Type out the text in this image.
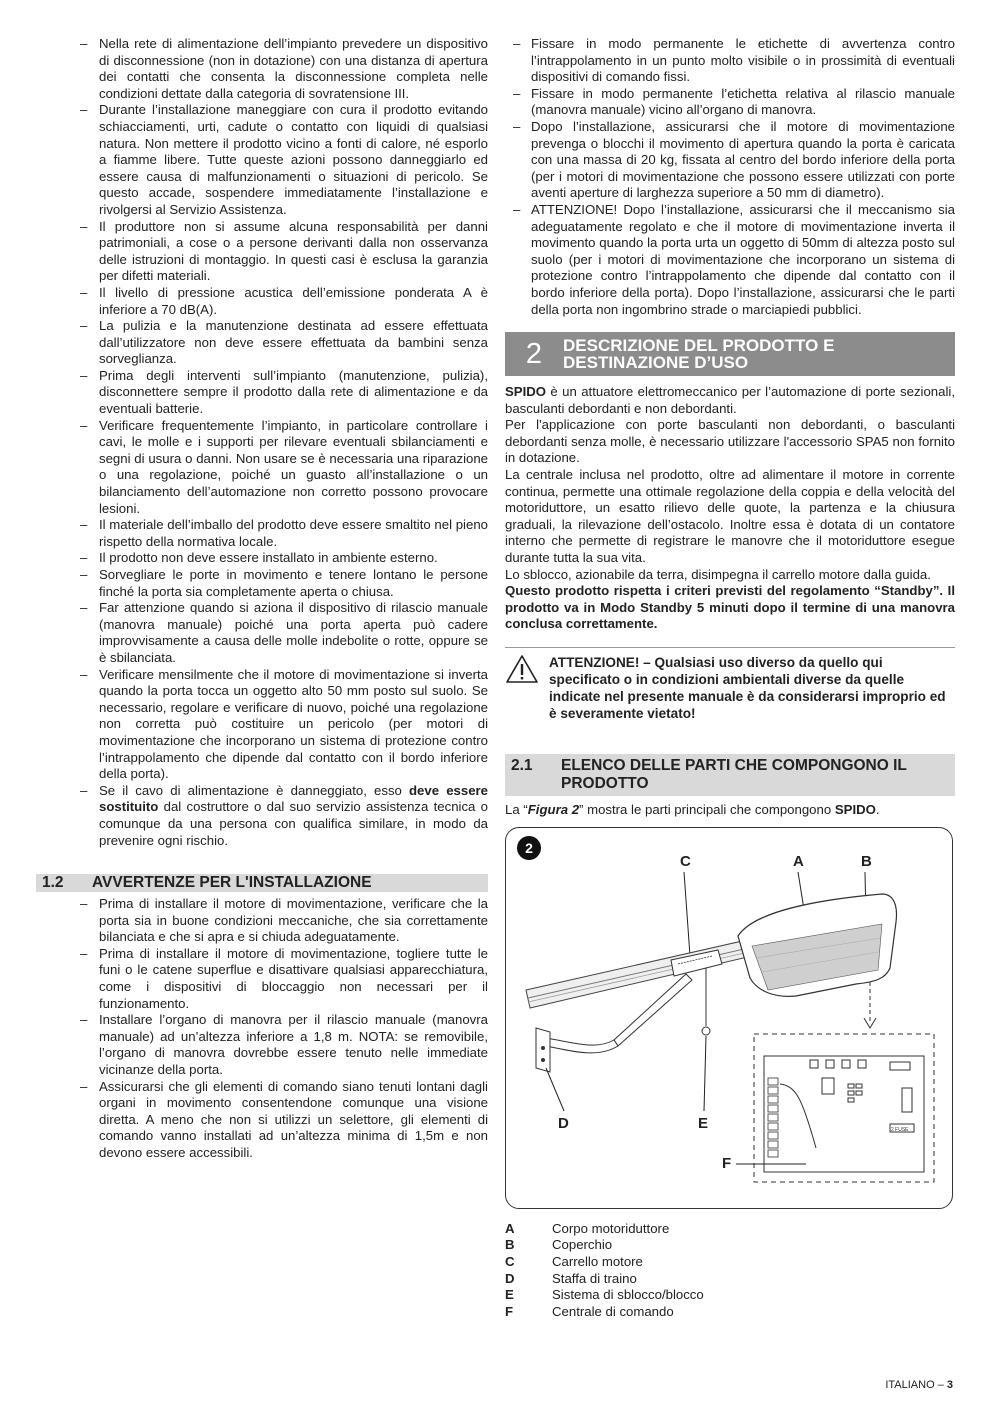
– Nella rete di alimentazione dell’impianto prevedere un dispositivo di disconnessione (non in dotazione) con una distanza di apertura dei contatti che consenta la disconnessione completa nelle condizioni dettate dalla categoria di sovratensione III.
– Durante l’installazione maneggiare con cura il prodotto evitando schiacciamenti, urti, cadute o contatto con liquidi di qualsiasi natura. Non mettere il prodotto vicino a fonti di calore, né esporlo a fiamme libere. Tutte queste azioni possono danneggiarlo ed essere causa di malfunzionamenti o situazioni di pericolo. Se questo accade, sospendere immediatamente l’installazione e rivolgersi al Servizio Assistenza.
– Il produttore non si assume alcuna responsabilità per danni patrimoniali, a cose o a persone derivanti dalla non osservanza delle istruzioni di montaggio. In questi casi è esclusa la garanzia per difetti materiali.
– Il livello di pressione acustica dell’emissione ponderata A è inferiore a 70 dB(A).
– La pulizia e la manutenzione destinata ad essere effettuata dall’utilizzatore non deve essere effettuata da bambini senza sorveglianza.
– Prima degli interventi sull’impianto (manutenzione, pulizia), disconnettere sempre il prodotto dalla rete di alimentazione e da eventuali batterie.
– Verificare frequentemente l’impianto, in particolare controllare i cavi, le molle e i supporti per rilevare eventuali sbilanciamenti e segni di usura o danni. Non usare se è necessaria una riparazione o una regolazione, poiché un guasto all’installazione o un bilanciamento dell’automazione non corretto possono provocare lesioni.
– Il materiale dell’imballo del prodotto deve essere smaltito nel pieno rispetto della normativa locale.
– Il prodotto non deve essere installato in ambiente esterno.
– Sorvegliare le porte in movimento e tenere lontano le persone finché la porta sia completamente aperta o chiusa.
– Far attenzione quando si aziona il dispositivo di rilascio manuale (manovra manuale) poiché una porta aperta può cadere improvvisamente a causa delle molle indebolite o rotte, oppure se è sbilanciata.
– Verificare mensilmente che il motore di movimentazione si inverta quando la porta tocca un oggetto alto 50 mm posto sul suolo. Se necessario, regolare e verificare di nuovo, poiché una regolazione non corretta può costituire un pericolo (per motori di movimentazione che incorporano un sistema di protezione contro l’intrappolamento che dipende dal contatto con il bordo inferiore della porta).
– Se il cavo di alimentazione è danneggiato, esso deve essere sostituito dal costruttore o dal suo servizio assistenza tecnica o comunque da una persona con qualifica similare, in modo da prevenire ogni rischio.
1.2	AVVERTENZE PER L'INSTALLAZIONE
– Prima di installare il motore di movimentazione, verificare che la porta sia in buone condizioni meccaniche, che sia correttamente bilanciata e che si apra e si chiuda adeguatamente.
– Prima di installare il motore di movimentazione, togliere tutte le funi o le catene superflue e disattivare qualsiasi apparecchiatura, come i dispositivi di bloccaggio non necessari per il funzionamento.
– Installare l’organo di manovra per il rilascio manuale (manovra manuale) ad un’altezza inferiore a 1,8 m. NOTA: se removibile, l’organo di manovra dovrebbe essere tenuto nelle immediate vicinanze della porta.
– Assicurarsi che gli elementi di comando siano tenuti lontani dagli organi in movimento consentendone comunque una visione diretta. A meno che non si utilizzi un selettore, gli elementi di comando vanno installati ad un’altezza minima di 1,5m e non devono essere accessibili.
– Fissare in modo permanente le etichette di avvertenza contro l’intrappolamento in un punto molto visibile o in prossimità di eventuali dispositivi di comando fissi.
– Fissare in modo permanente l’etichetta relativa al rilascio manuale (manovra manuale) vicino all’organo di manovra.
– Dopo l’installazione, assicurarsi che il motore di movimentazione prevenga o blocchi il movimento di apertura quando la porta è caricata con una massa di 20 kg, fissata al centro del bordo inferiore della porta (per i motori di movimentazione che possono essere utilizzati con porte aventi aperture di larghezza superiore a 50 mm di diametro).
– ATTENZIONE! Dopo l’installazione, assicurarsi che il meccanismo sia adeguatamente regolato e che il motore di movimentazione inverta il movimento quando la porta urta un oggetto di 50mm di altezza posto sul suolo (per i motori di movimentazione che incorporano un sistema di protezione contro l’intrappolamento che dipende dal contatto con il bordo inferiore della porta). Dopo l’installazione, assicurarsi che le parti della porta non ingombrino strade o marciapiedi pubblici.
2	DESCRIZIONE DEL PRODOTTO E
DESTINAZIONE D’USO

SPIDO è un attuatore elettromeccanico per l’automazione di porte sezionali, basculanti debordanti e non debordanti.

Per l'applicazione con porte basculanti non debordanti, o basculanti debordanti senza molle, è necessario utilizzare l'accessorio SPA5 non fornito in dotazione.

La centrale inclusa nel prodotto, oltre ad alimentare il motore in corrente continua, permette una ottimale regolazione della coppia e della velocità del motoriduttore, un esatto rilievo delle quote, la partenza e la chiusura graduali, la rilevazione dell’ostacolo. Inoltre essa è dotata di un contatore interno che permette di registrare le manovre che il motoriduttore esegue durante tutta la sua vita.

Lo sblocco, azionabile da terra, disimpegna il carrello motore dalla guida.

Questo prodotto rispetta i criteri previsti del regolamento “Standby”. Il prodotto va in Modo Standby 5 minuti dopo il termine di una manovra conclusa correttamente.

ATTENZIONE! – Qualsiasi uso diverso da quello qui specificato o in condizioni ambientali diverse da quelle indicate nel presente manuale è da considerarsi improprio ed è severamente vietato!
2.1	ELENCO DELLE PARTI CHE COMPONGONO IL
PRODOTTO

La “Figura 2” mostra le parti principali che compongono SPIDO.

2
C	A	B
2 FUSE
D	E
F
A	Corpo motoriduttore
B	Coperchio
C	Carrello motore
D	Staffa di traino
E	Sistema di sblocco/blocco
F	Centrale di comando
ITALIANO – 3
